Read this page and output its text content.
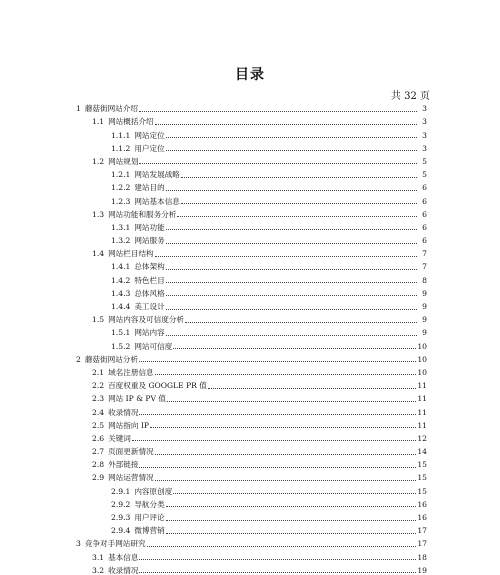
目录
共 32 页
1 蘑菇街网站介绍	3
1.1 网站概括介绍	3
1.1.1 网站定位	3
1.1.2 用户定位	3
1.2 网站规划	5
1.2.1 网站发展战略	5
1.2.2 建站目的	6
1.2.3 网站基本信息	6
1.3 网站功能和服务分析	6
1.3.1 网站功能	6
1.3.2 网站服务	6
1.4 网站栏目结构	7
1.4.1 总体架构	7
1.4.2 特色栏目	8
1.4.3 总体风格	9
1.4.4 美工设计	9
1.5 网站内容及可信度分析	9
1.5.1 网站内容	9
1.5.2 网站可信度	10
2 蘑菇街网站分析	10
2.1 域名注册信息	10
2.2 百度权重及 GOOGLE PR 值	11
2.3 网站 IP & PV 值	11
2.4 收录情况	11
2.5 网站指向 IP	11
2.6 关键词	12
2.7 页面更新情况	14
2.8 外部链接	15
2.9 网站运营情况	15
2.9.1 内容原创度	15
2.9.2 导航分类	16
2.9.3 用户评论	16
2.9.4 微博营销	17
3 竞争对手网站研究	17
3.1 基本信息	18
3.2 收录情况	19
